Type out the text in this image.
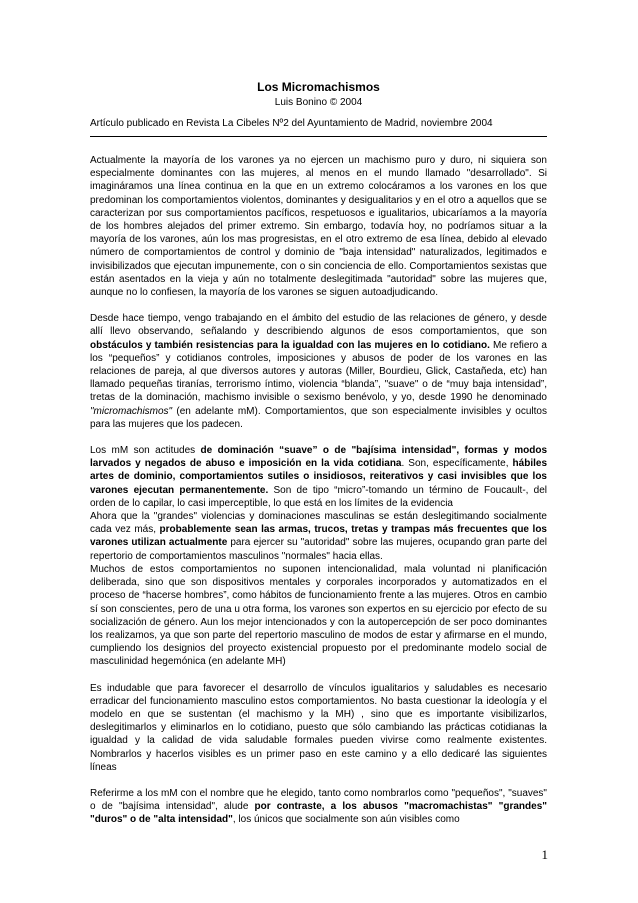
Los Micromachismos
Luis Bonino © 2004
Artículo publicado en Revista La Cibeles Nº2 del Ayuntamiento de Madrid, noviembre 2004

Actualmente la mayoría de los varones ya no ejercen un machismo puro y duro, ni siquiera son especialmente dominantes con las mujeres, al menos en el mundo llamado "desarrollado". Si imagináramos una línea continua en la que en un extremo colocáramos a los varones en los que predominan los comportamientos violentos, dominantes y desigualitarios y en el otro a aquellos que se caracterizan por sus comportamientos pacíficos, respetuosos e igualitarios, ubicaríamos a la mayoría de los hombres alejados del primer extremo. Sin embargo, todavía hoy, no podríamos situar a la mayoría de los varones, aún los mas progresistas, en el otro extremo de esa línea, debido al elevado número de comportamientos de control y dominio de "baja intensidad" naturalizados, legitimados e invisibilizados que ejecutan impunemente, con o sin conciencia de ello. Comportamientos sexistas que están asentados en la vieja y aún no totalmente deslegitimada "autoridad" sobre las mujeres que, aunque no lo confiesen, la mayoría de los varones se siguen autoadjudicando.

Desde hace tiempo, vengo trabajando en el ámbito del estudio de las relaciones de género, y desde allí llevo observando, señalando y describiendo algunos de esos comportamientos, que son obstáculos y también resistencias para la igualdad con las mujeres en lo cotidiano. Me refiero a los “pequeños” y cotidianos controles, imposiciones y abusos de poder de los varones en las relaciones de pareja, al que diversos autores y autoras (Miller, Bourdieu, Glick, Castañeda, etc) han llamado pequeñas tiranías, terrorismo íntimo, violencia “blanda”, "suave" o de “muy baja intensidad”, tretas de la dominación, machismo invisible o sexismo benévolo, y yo, desde 1990 he denominado "micromachismos" (en adelante mM). Comportamientos, que son especialmente invisibles y ocultos para las mujeres que los padecen.

Los mM son actitudes de dominación “suave” o de "bajísima intensidad", formas y modos larvados y negados de abuso e imposición en la vida cotidiana. Son, específicamente, hábiles artes de dominio, comportamientos sutiles o insidiosos, reiterativos y casi invisibles que los varones ejecutan permanentemente. Son de tipo “micro”-tomando un término de Foucault-, del orden de lo capilar, lo casi imperceptible, lo que está en los límites de la evidencia

Ahora que la "grandes" violencias y dominaciones masculinas se están deslegitimando socialmente cada vez más, probablemente sean las armas, trucos, tretas y trampas más frecuentes que los varones utilizan actualmente para ejercer su "autoridad" sobre las mujeres, ocupando gran parte del repertorio de comportamientos masculinos "normales" hacia ellas.

Muchos de estos comportamientos no suponen intencionalidad, mala voluntad ni planificación deliberada, sino que son dispositivos mentales y corporales incorporados y automatizados en el proceso de “hacerse hombres”, como hábitos de funcionamiento frente a las mujeres. Otros en cambio sí son conscientes, pero de una u otra forma, los varones son expertos en su ejercicio por efecto de su socialización de género. Aun los mejor intencionados y con la autopercepción de ser poco dominantes los realizamos, ya que son parte del repertorio masculino de modos de estar y afirmarse en el mundo, cumpliendo los designios del proyecto existencial propuesto por el predominante modelo social de masculinidad hegemónica (en adelante MH)

Es indudable que para favorecer el desarrollo de vínculos igualitarios y saludables es necesario erradicar del funcionamiento masculino estos comportamientos. No basta cuestionar la ideología y el modelo en que se sustentan (el machismo y la MH) , sino que es importante visibilizarlos, deslegitimarlos y eliminarlos en lo cotidiano, puesto que sólo cambiando las prácticas cotidianas la igualdad y la calidad de vida saludable formales pueden vivirse como realmente existentes. Nombrarlos y hacerlos visibles es un primer paso en este camino y a ello dedicaré las siguientes líneas

Referirme a los mM con el nombre que he elegido, tanto como nombrarlos como "pequeños", "suaves" o de "bajísima intensidad", alude por contraste, a los abusos "macromachistas" "grandes" "duros" o de "alta intensidad", los únicos que socialmente son aún visibles como

1
